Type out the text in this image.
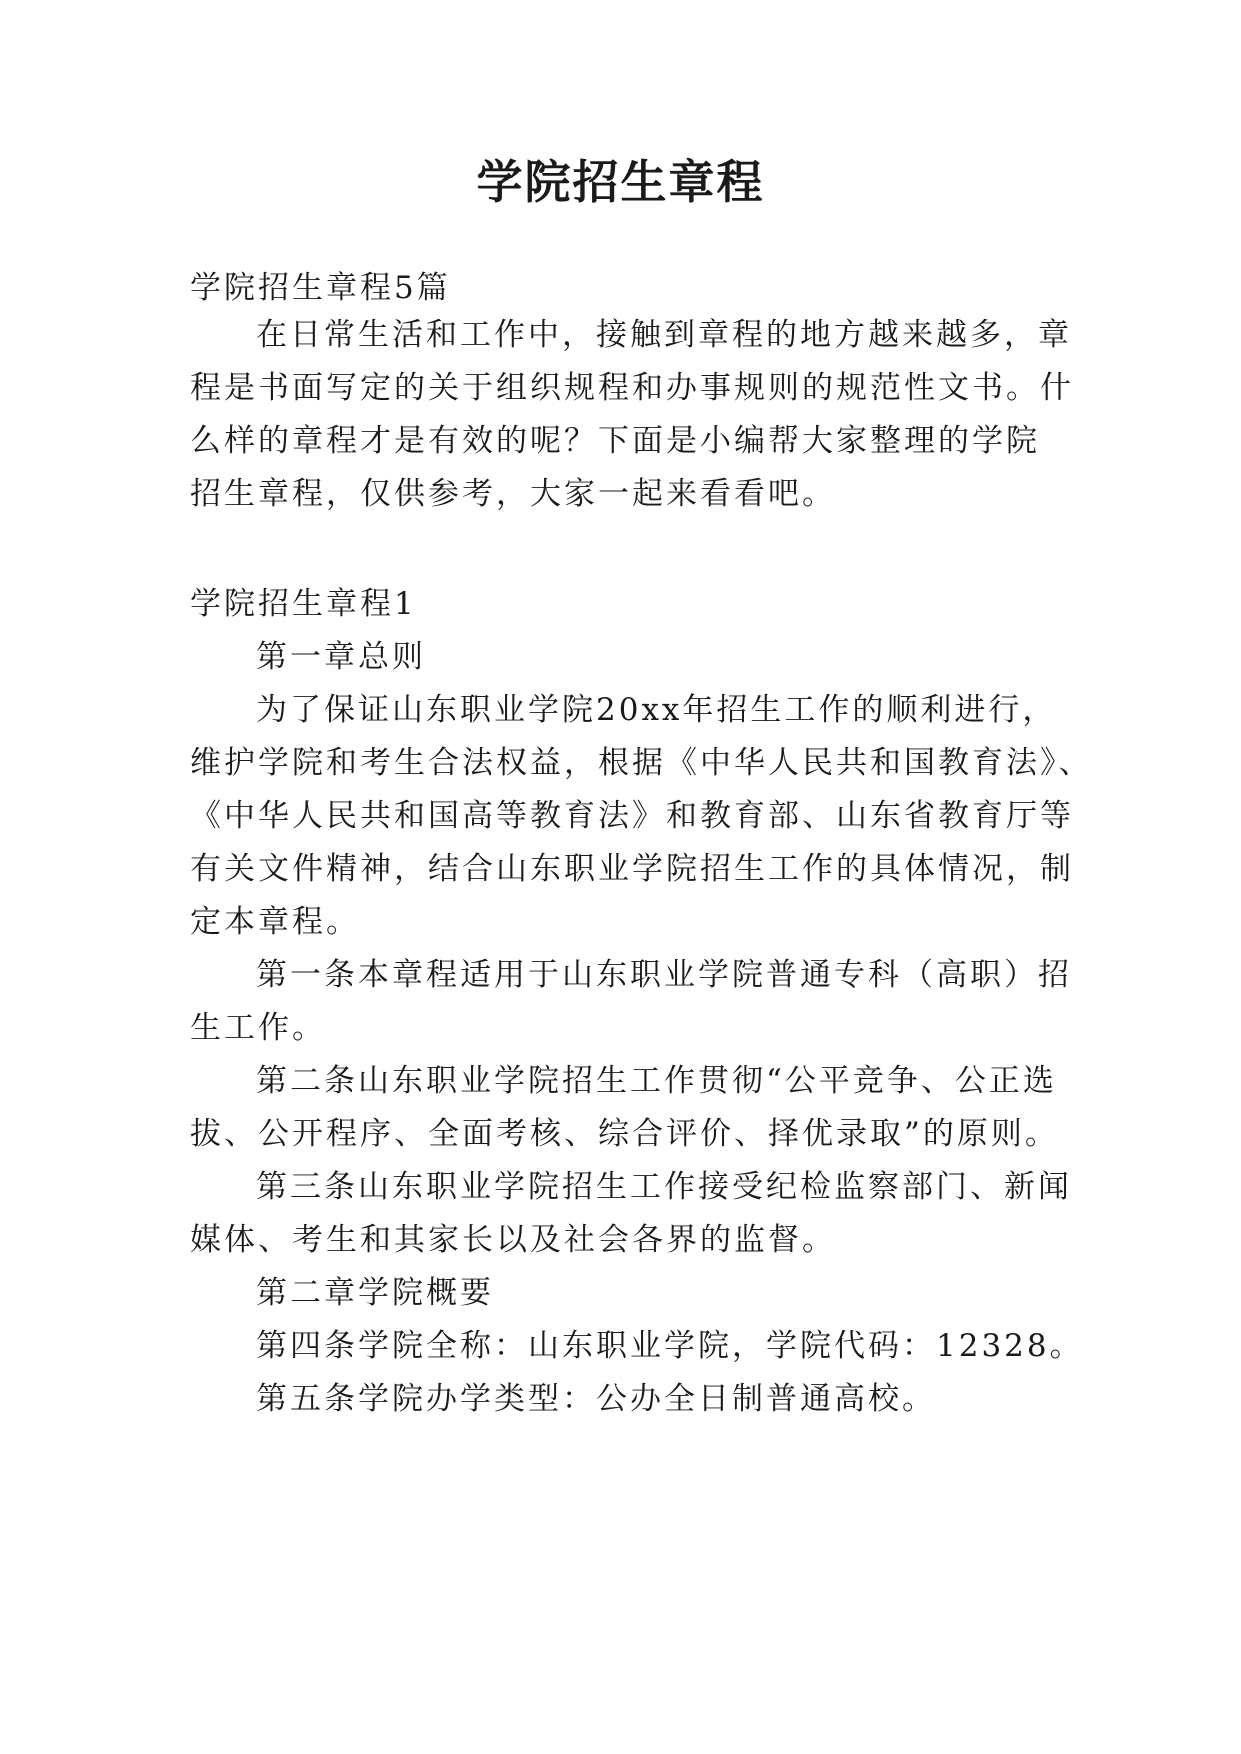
学院招生章程
学院招生章程5篇
在日常生活和工作中，接触到章程的地方越来越多，章
程是书面写定的关于组织规程和办事规则的规范性文书。什
么样的章程才是有效的呢？下面是小编帮大家整理的学院
招生章程，仅供参考，大家一起来看看吧。
学院招生章程1
第一章总则
为了保证山东职业学院20xx年招生工作的顺利进行，
维护学院和考生合法权益，根据《中华人民共和国教育法》、
《中华人民共和国高等教育法》和教育部、山东省教育厅等
有关文件精神，结合山东职业学院招生工作的具体情况，制
定本章程。
第一条本章程适用于山东职业学院普通专科（高职）招
生工作。
第二条山东职业学院招生工作贯彻“公平竞争、公正选
拔、公开程序、全面考核、综合评价、择优录取”的原则。
第三条山东职业学院招生工作接受纪检监察部门、新闻
媒体、考生和其家长以及社会各界的监督。
第二章学院概要
第四条学院全称：山东职业学院，学院代码：12328。
第五条学院办学类型：公办全日制普通高校。
